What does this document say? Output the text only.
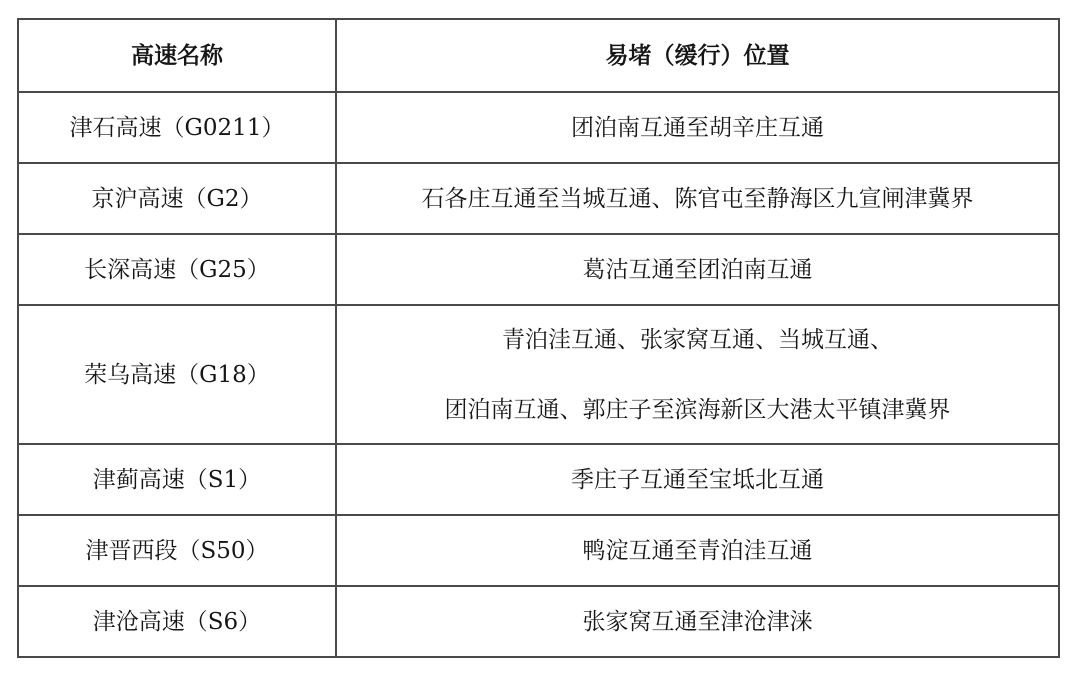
高速名称	易堵（缓行）位置
津石高速（G0211）	团泊南互通至胡辛庄互通

京沪高速（G2）	石各庄互通至当城互通、陈官屯至静海区九宣闸津冀界

长深高速（G25）	葛沽互通至团泊南互通

荣乌高速（G18）	青泊洼互通、张家窝互通、当城互通、
团泊南互通、郭庄子至滨海新区大港太平镇津冀界

津蓟高速（S1）	季庄子互通至宝坻北互通

津晋西段（S50）	鸭淀互通至青泊洼互通

津沧高速（S6）	张家窝互通至津沧津涞
